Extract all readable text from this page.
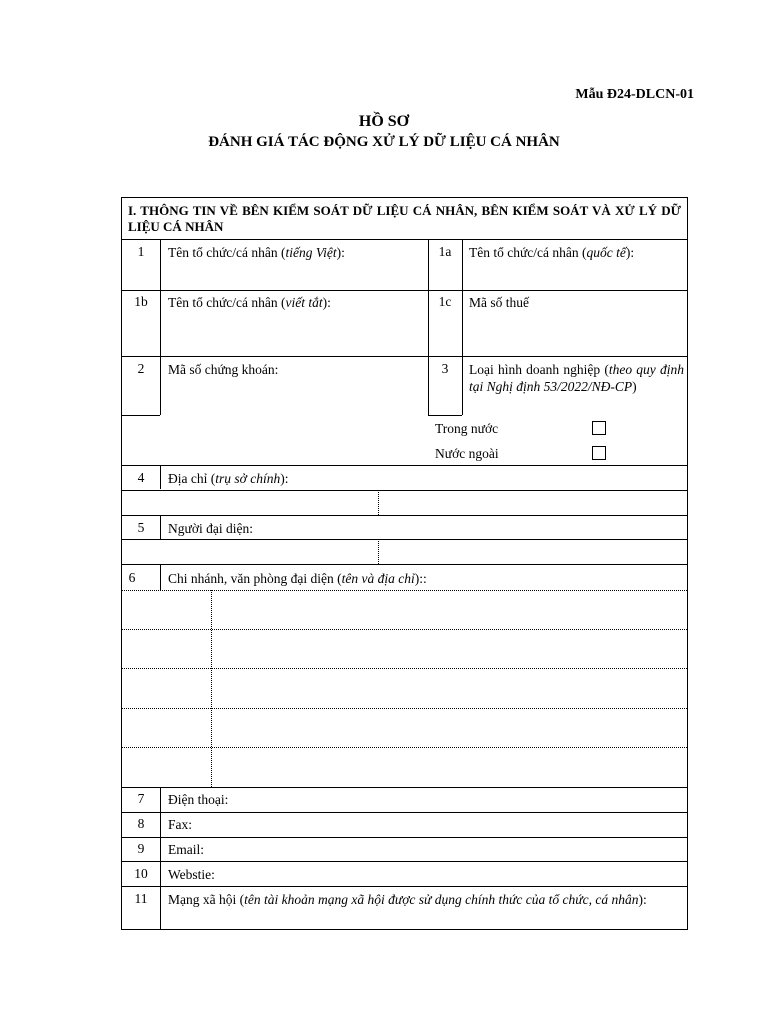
Mẫu Đ24-DLCN-01
HỒ SƠ
ĐÁNH GIÁ TÁC ĐỘNG XỬ LÝ DỮ LIỆU CÁ NHÂN
I. THÔNG TIN VỀ BÊN KIỂM SOÁT DỮ LIỆU CÁ NHÂN, BÊN KIỂM SOÁT VÀ XỬ LÝ DỮ LIỆU CÁ NHÂN
1	Tên tổ chức/cá nhân (tiếng Việt):	1a	Tên tổ chức/cá nhân (quốc tế):
1b	Tên tổ chức/cá nhân (viết tắt):	1c	Mã số thuế
2	Mã số chứng khoán:	3	Loại hình doanh nghiệp (theo quy định tại Nghị định 53/2022/NĐ-CP)
Trong nước
Nước ngoài
4	Địa chỉ (trụ sở chính):
5	Người đại diện:
6	Chi nhánh, văn phòng đại diện (tên và địa chỉ)::
7	Điện thoại:
8	Fax:
9	Email:
10	Webstie:
11	Mạng xã hội (tên tài khoản mạng xã hội được sử dụng chính thức của tổ chức, cá nhân):
